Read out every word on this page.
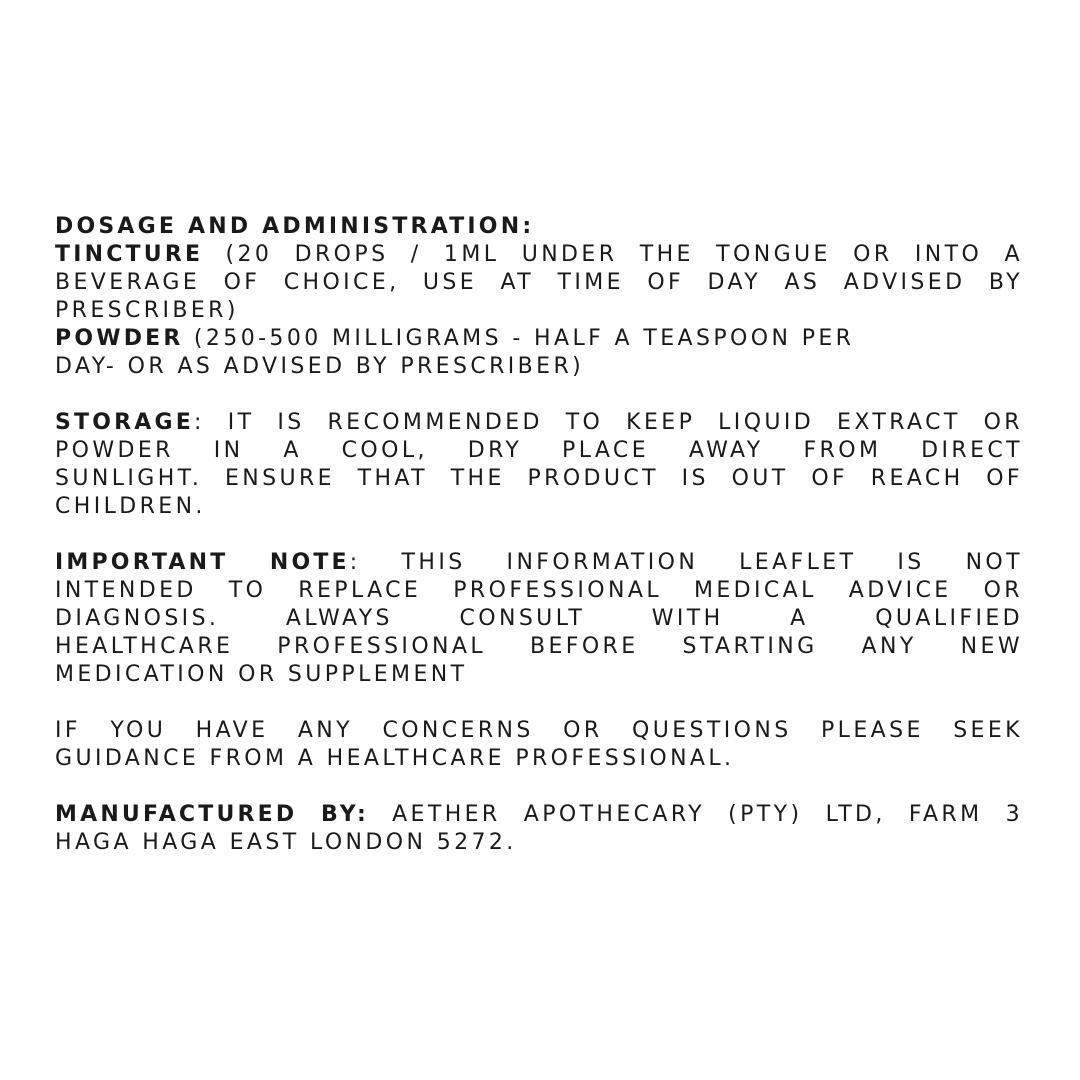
DOSAGE AND ADMINISTRATION:
TINCTURE (20 DROPS / 1ML UNDER THE TONGUE OR INTO A
BEVERAGE OF CHOICE, USE AT TIME OF DAY AS ADVISED BY
PRESCRIBER)
POWDER (250-500 MILLIGRAMS - HALF A TEASPOON PER
DAY- OR AS ADVISED BY PRESCRIBER)
STORAGE: IT IS RECOMMENDED TO KEEP LIQUID EXTRACT OR
POWDER IN A COOL, DRY PLACE AWAY FROM DIRECT
SUNLIGHT. ENSURE THAT THE PRODUCT IS OUT OF REACH OF
CHILDREN.
IMPORTANT NOTE: THIS INFORMATION LEAFLET IS NOT
INTENDED TO REPLACE PROFESSIONAL MEDICAL ADVICE OR
DIAGNOSIS. ALWAYS CONSULT WITH A QUALIFIED
HEALTHCARE PROFESSIONAL BEFORE STARTING ANY NEW
MEDICATION OR SUPPLEMENT
IF YOU HAVE ANY CONCERNS OR QUESTIONS PLEASE SEEK
GUIDANCE FROM A HEALTHCARE PROFESSIONAL.
MANUFACTURED BY: AETHER APOTHECARY (PTY) LTD, FARM 3
HAGA HAGA EAST LONDON 5272.
